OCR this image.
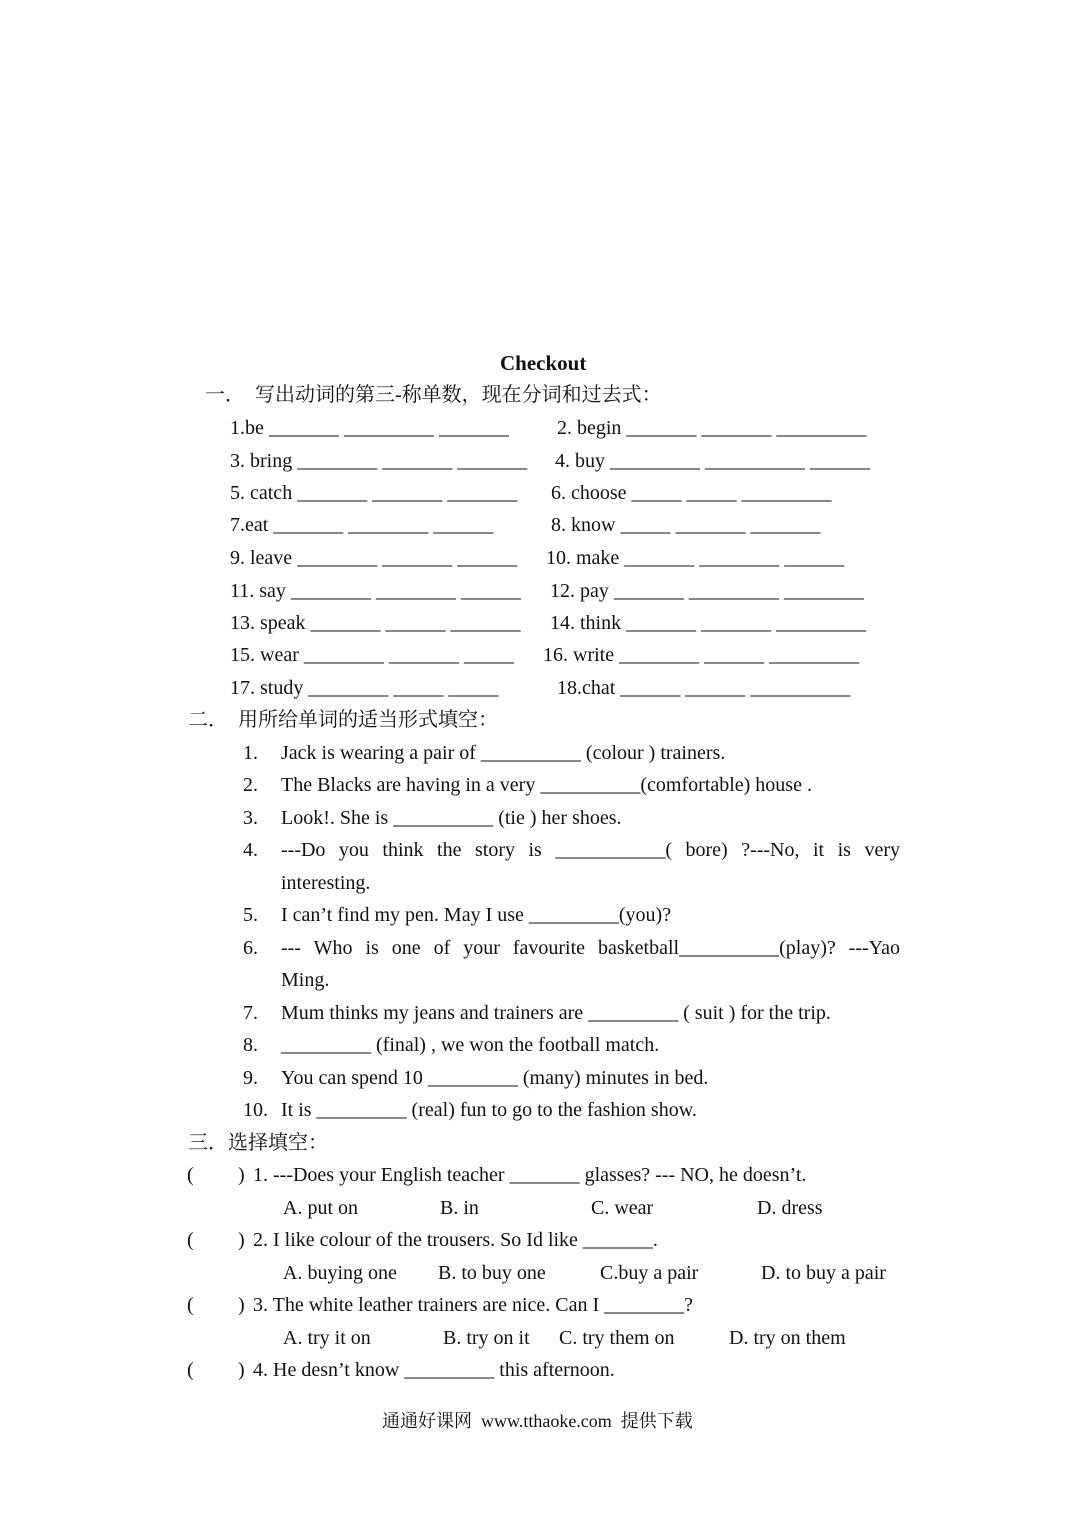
Checkout
一．  写出动词的第三-称单数，现在分词和过去式：
1.be _______ _________ _______ 2. begin _______ _______ _________
3. bring ________ _______ _______ 4. buy _________ __________ ______
5. catch _______ _______ _______ 6. choose _____ _____ _________
7.eat _______ ________ ______	8. know _____ _______ _______
9. leave ________ _______ ______ 10. make _______ ________ ______
11. say ________ ________ ______ 12. pay _______ _________ ________
13. speak _______ ______ _______ 14. think _______ _______ _________
15. wear ________ _______ _____ 16. write ________ ______ _________
17. study ________ _____ _____	18.chat ______ ______ __________
二．  用所给单词的适当形式填空：
1. Jack is wearing a pair of __________ (colour ) trainers.
2. The Blacks are having in a very __________(comfortable) house .
3. Look!. She is __________ (tie ) her shoes.
4. ---Do you think the story is ___________( bore) ?---No, it is very
interesting.
5. I can’t find my pen. May I use _________(you)?
6. --- Who is one of your favourite basketball__________(play)? ---Yao
Ming.
7. Mum thinks my jeans and trainers are _________ ( suit ) for the trip.
8. _________ (final) , we won the football match.
9. You can spend 10 _________ (many) minutes in bed.
10. It is _________ (real) fun to go to the fashion show.
三．选择填空：
( ) 1. ---Does your English teacher _______ glasses? --- NO, he doesn’t.
A. put on	B. in	C. wear	D. dress
( ) 2. I like colour of the trousers. So Id like _______.
A. buying one B. to buy one	C.buy a pair	D. to buy a pair
( ) 3. The white leather trainers are nice. Can I ________?
A. try it on	B. try on it C. try them on	D. try on them
( ) 4. He desn’t know _________ this afternoon.
通通好课网  www.tthaoke.com  提供下载
